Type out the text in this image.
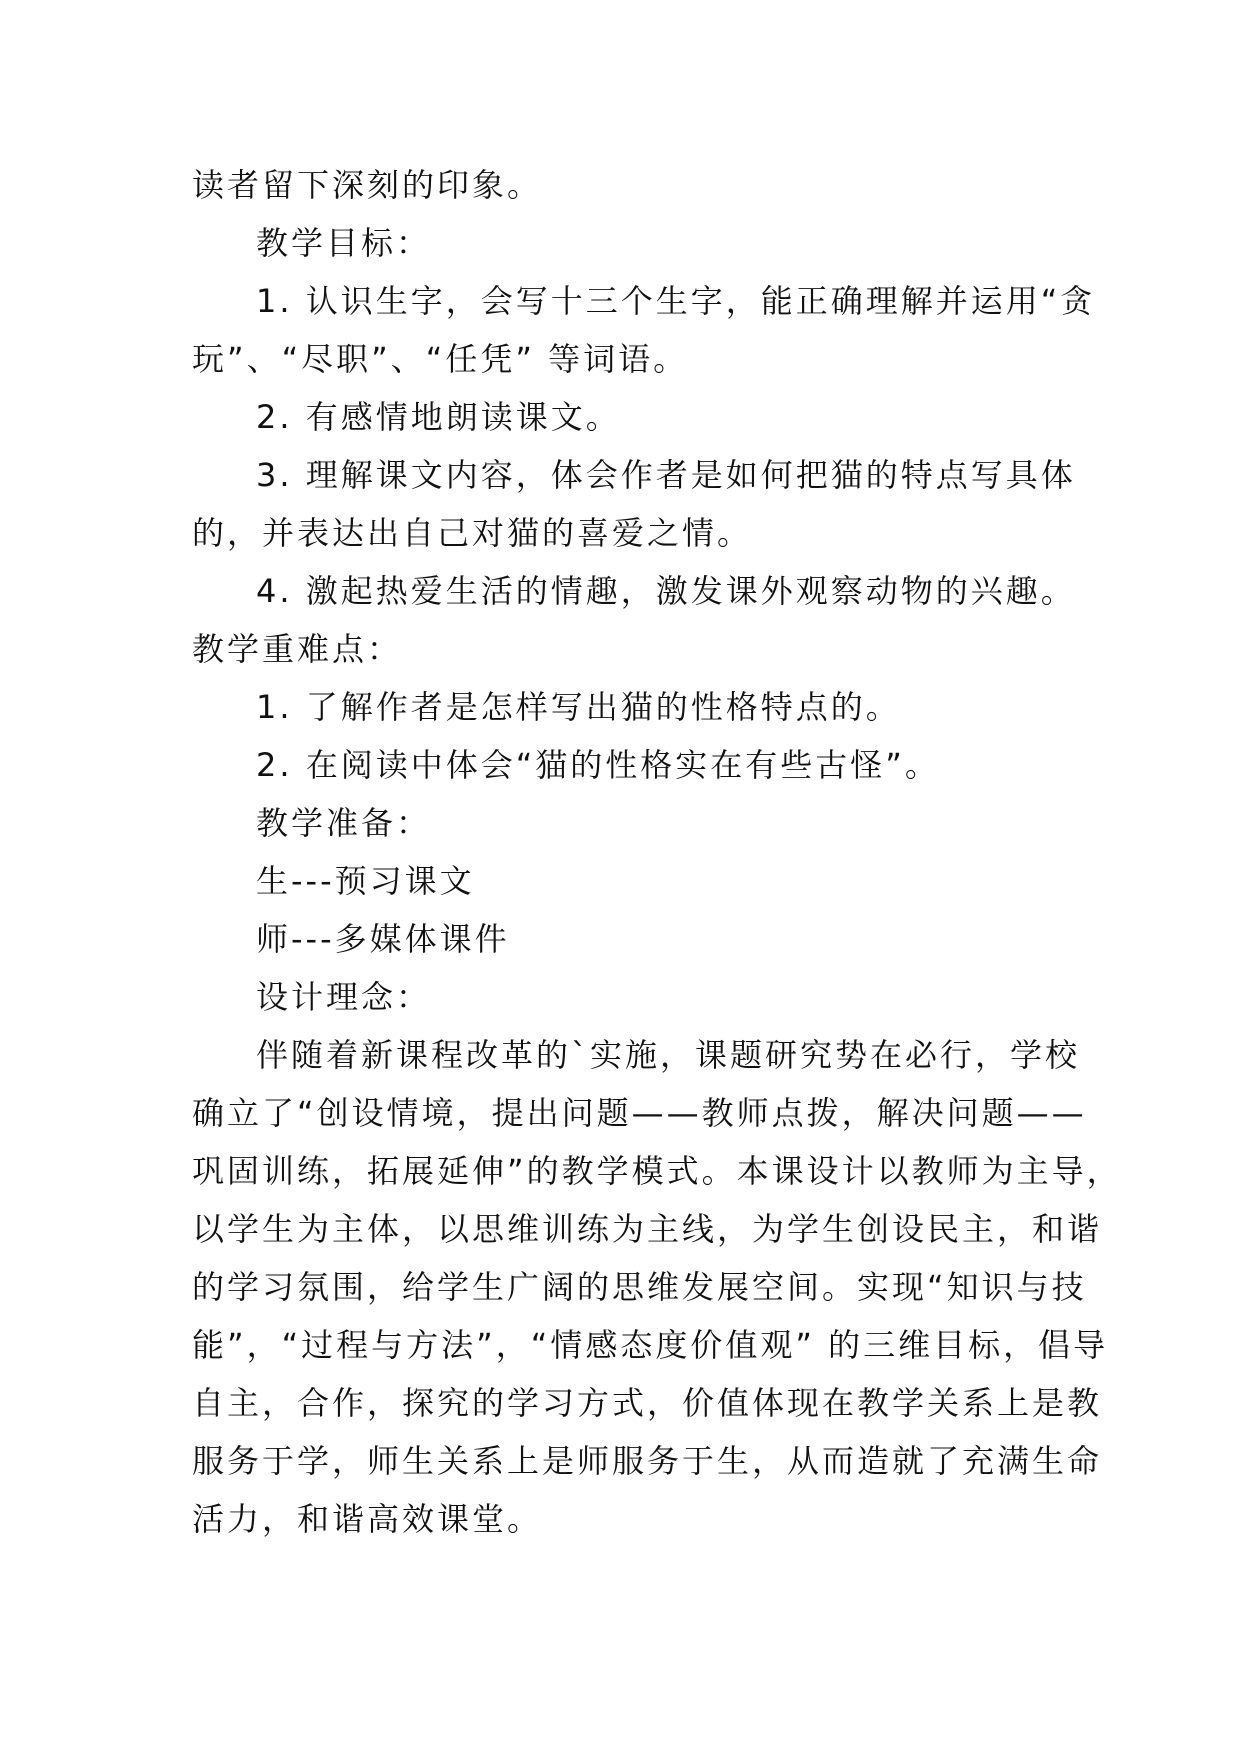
读者留下深刻的印象。
教学目标：
1. 认识生字，会写十三个生字，能正确理解并运用“贪
玩”、“尽职”、“任凭” 等词语。
2. 有感情地朗读课文。
3. 理解课文内容，体会作者是如何把猫的特点写具体
的，并表达出自己对猫的喜爱之情。
4. 激起热爱生活的情趣，激发课外观察动物的兴趣。
教学重难点：
1. 了解作者是怎样写出猫的性格特点的。
2. 在阅读中体会“猫的性格实在有些古怪”。
教学准备：
生---预习课文
师---多媒体课件
设计理念：
伴随着新课程改革的`实施，课题研究势在必行，学校
确立了“创设情境，提出问题——教师点拨，解决问题——
巩固训练，拓展延伸”的教学模式。本课设计以教师为主导，
以学生为主体，以思维训练为主线，为学生创设民主，和谐
的学习氛围，给学生广阔的思维发展空间。实现“知识与技
能”，“过程与方法”，“情感态度价值观” 的三维目标，倡导
自主，合作，探究的学习方式，价值体现在教学关系上是教
服务于学，师生关系上是师服务于生，从而造就了充满生命
活力，和谐高效课堂。
